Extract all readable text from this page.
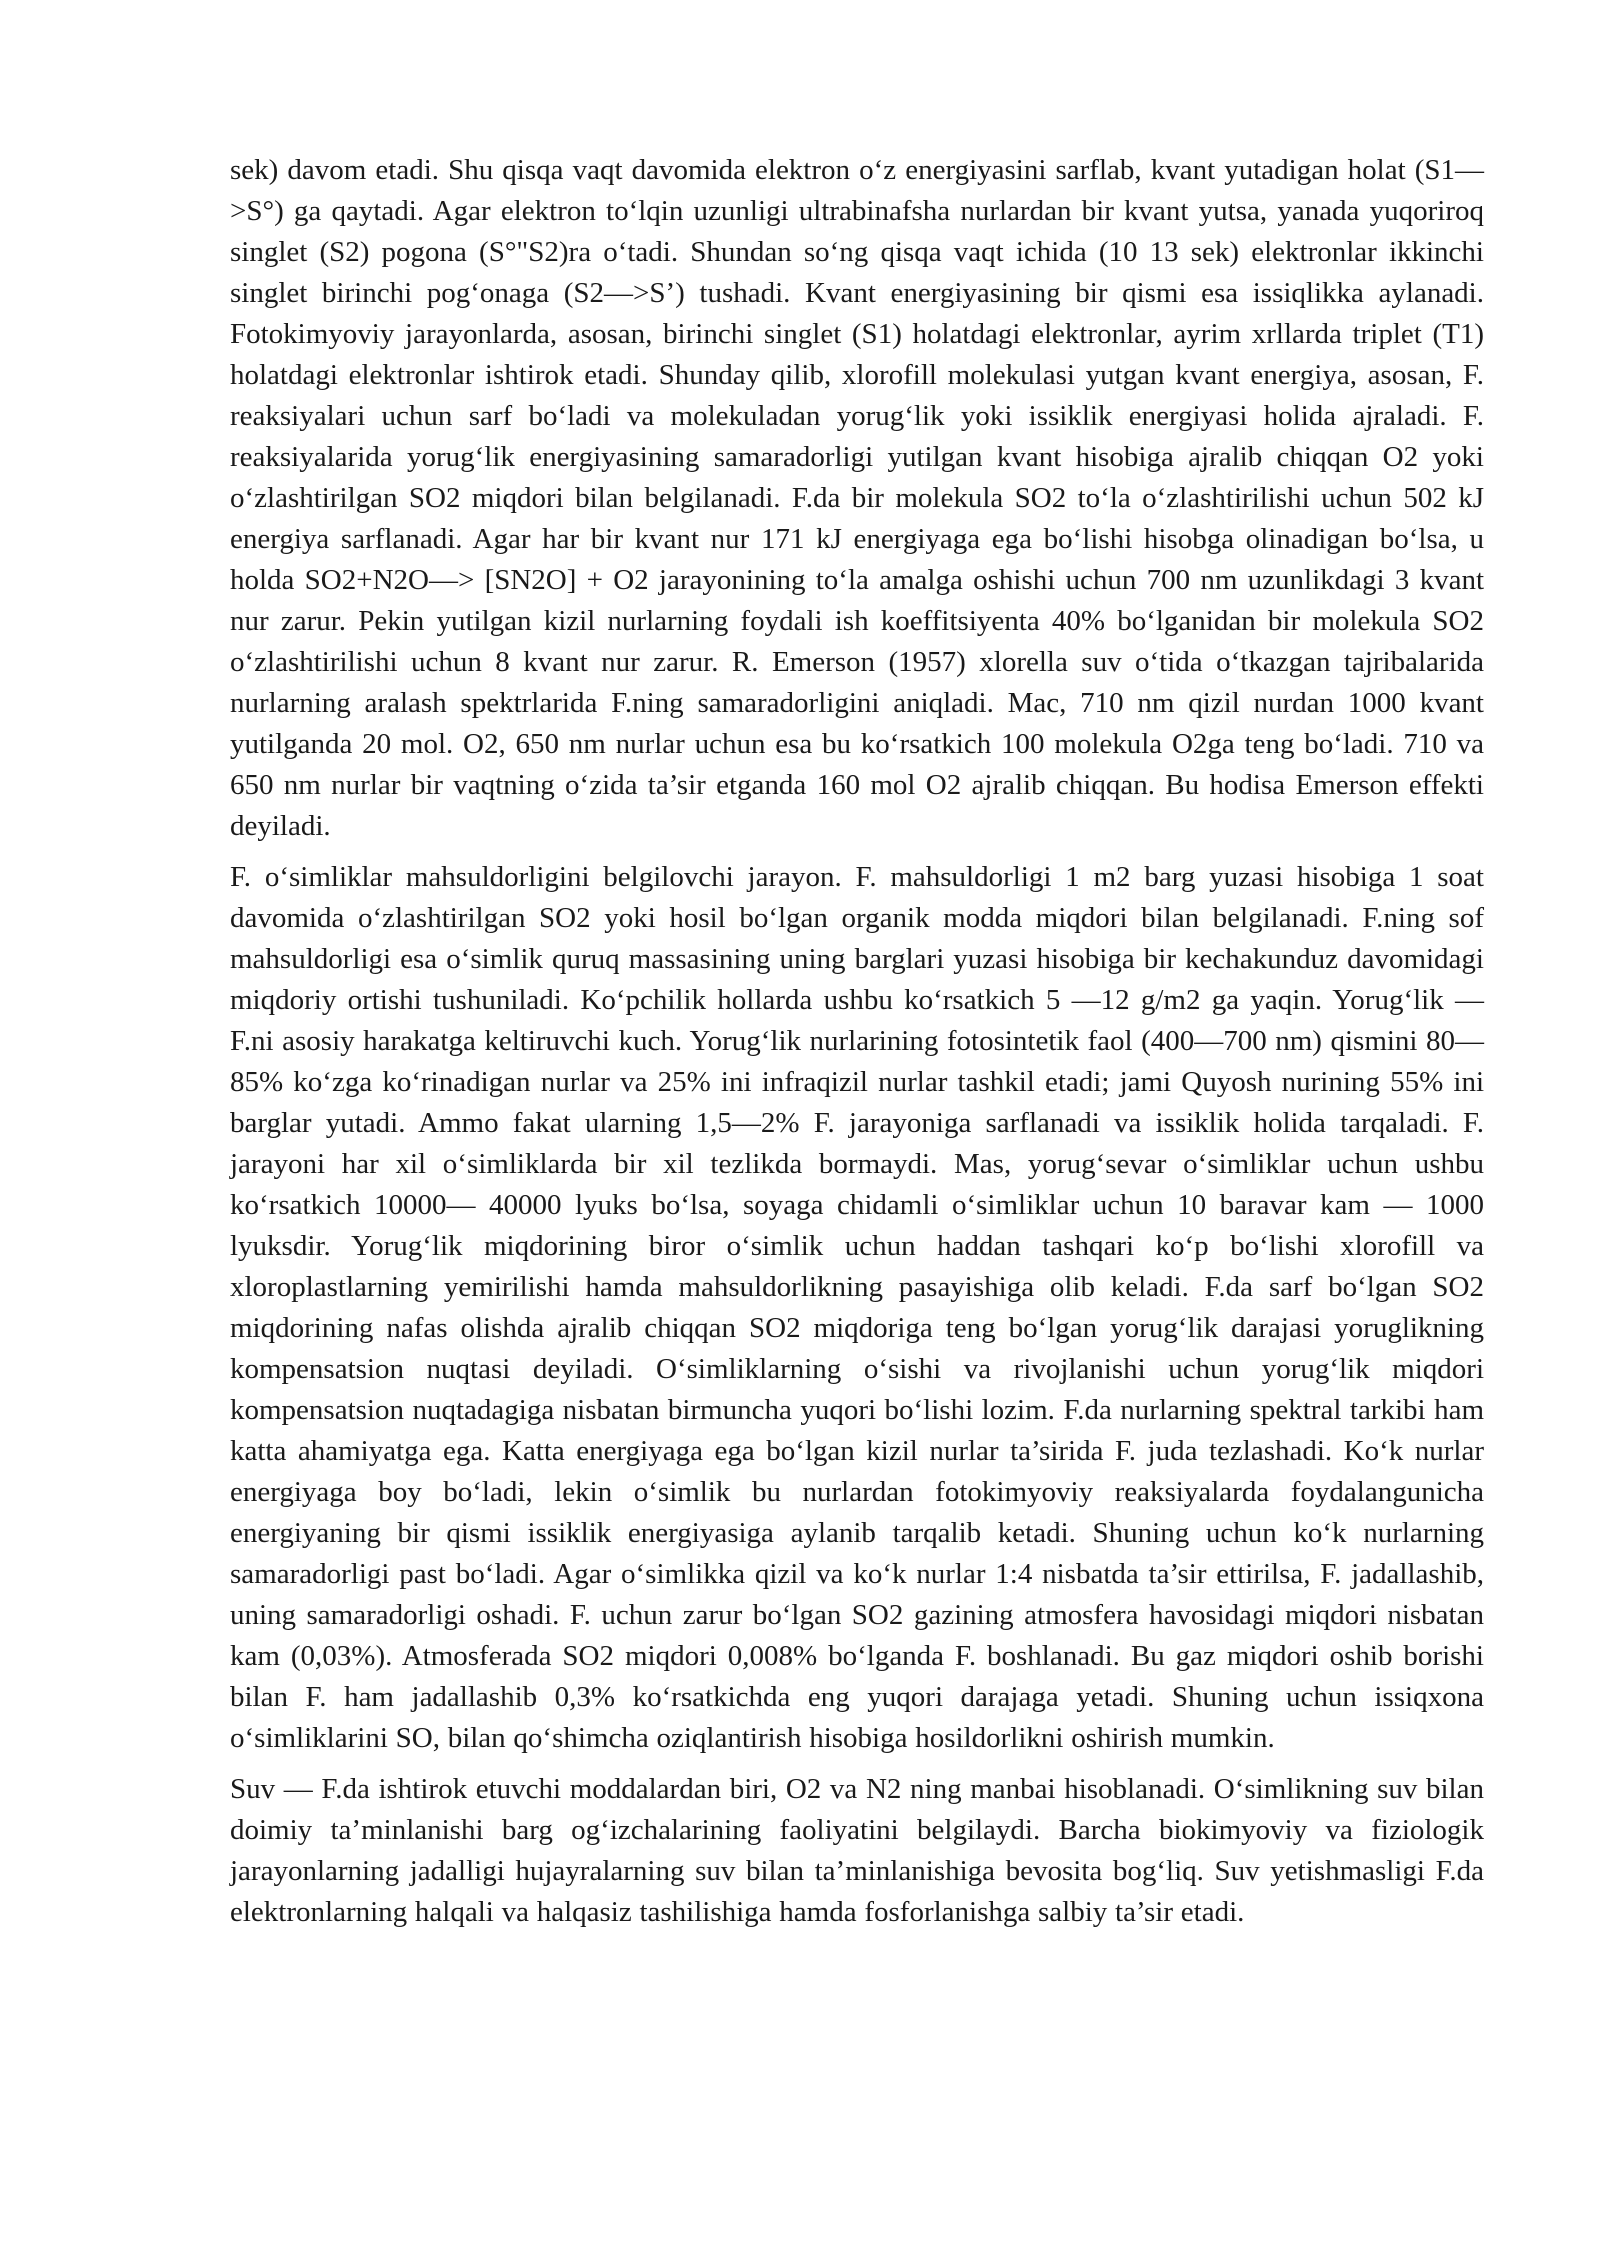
sek) davom etadi. Shu qisqa vaqt davomida elektron o‘z energiyasini sarflab, kvant yutadigan holat (S1—>S°) ga qaytadi. Agar elektron to‘lqin uzunligi ultrabinafsha nurlardan bir kvant yutsa, yanada yuqoriroq singlet (S2) pogona (S°"S2)ra o‘tadi. Shundan so‘ng qisqa vaqt ichida (10 13 sek) elektronlar ikkinchi singlet birinchi pog‘onaga (S2—>S’) tushadi. Kvant energiyasining bir qismi esa issiqlikka aylanadi. Fotokimyoviy jarayonlarda, asosan, birinchi singlet (S1) holatdagi elektronlar, ayrim xrllarda triplet (T1) holatdagi elektronlar ishtirok etadi. Shunday qilib, xlorofill molekulasi yutgan kvant energiya, asosan, F. reaksiyalari uchun sarf bo‘ladi va molekuladan yorug‘lik yoki issiklik energiyasi holida ajraladi. F. reaksiyalarida yorug‘lik energiyasining samaradorligi yutilgan kvant hisobiga ajralib chiqqan O2 yoki o‘zlashtirilgan SO2 miqdori bilan belgilanadi. F.da bir molekula SO2 to‘la o‘zlashtirilishi uchun 502 kJ energiya sarflanadi. Agar har bir kvant nur 171 kJ energiyaga ega bo‘lishi hisobga olinadigan bo‘lsa, u holda SO2+N2O—> [SN2O] + O2 jarayonining to‘la amalga oshishi uchun 700 nm uzunlikdagi 3 kvant nur zarur. Pekin yutilgan kizil nurlarning foydali ish koeffitsiyenta 40% bo‘lganidan bir molekula SO2 o‘zlashtirilishi uchun 8 kvant nur zarur. R. Emerson (1957) xlorella suv o‘tida o‘tkazgan tajribalarida nurlarning aralash spektrlarida F.ning samaradorligini aniqladi. Mac, 710 nm qizil nurdan 1000 kvant yutilganda 20 mol. O2, 650 nm nurlar uchun esa bu ko‘rsatkich 100 molekula O2ga teng bo‘ladi. 710 va 650 nm nurlar bir vaqtning o‘zida ta’sir etganda 160 mol O2 ajralib chiqqan. Bu hodisa Emerson effekti deyiladi.

F. o‘simliklar mahsuldorligini belgilovchi jarayon. F. mahsuldorligi 1 m2 barg yuzasi hisobiga 1 soat davomida o‘zlashtirilgan SO2 yoki hosil bo‘lgan organik modda miqdori bilan belgilanadi. F.ning sof mahsuldorligi esa o‘simlik quruq massasining uning barglari yuzasi hisobiga bir kechakunduz davomidagi miqdoriy ortishi tushuniladi. Ko‘pchilik hollarda ushbu ko‘rsatkich 5 —12 g/m2 ga yaqin. Yorug‘lik — F.ni asosiy harakatga keltiruvchi kuch. Yorug‘lik nurlarining fotosintetik faol (400—700 nm) qismini 80— 85% ko‘zga ko‘rinadigan nurlar va 25% ini infraqizil nurlar tashkil etadi; jami Quyosh nurining 55% ini barglar yutadi. Ammo fakat ularning 1,5—2% F. jarayoniga sarflanadi va issiklik holida tarqaladi. F. jarayoni har xil o‘simliklarda bir xil tezlikda bormaydi. Mas, yorug‘sevar o‘simliklar uchun ushbu ko‘rsatkich 10000— 40000 lyuks bo‘lsa, soyaga chidamli o‘simliklar uchun 10 baravar kam — 1000 lyuksdir. Yorug‘lik miqdorining biror o‘simlik uchun haddan tashqari ko‘p bo‘lishi xlorofill va xloroplastlarning yemirilishi hamda mahsuldorlikning pasayishiga olib keladi. F.da sarf bo‘lgan SO2 miqdorining nafas olishda ajralib chiqqan SO2 miqdoriga teng bo‘lgan yorug‘lik darajasi yoruglikning kompensatsion nuqtasi deyiladi. O‘simliklarning o‘sishi va rivojlanishi uchun yorug‘lik miqdori kompensatsion nuqtadagiga nisbatan birmuncha yuqori bo‘lishi lozim. F.da nurlarning spektral tarkibi ham katta ahamiyatga ega. Katta energiyaga ega bo‘lgan kizil nurlar ta’sirida F. juda tezlashadi. Ko‘k nurlar energiyaga boy bo‘ladi, lekin o‘simlik bu nurlardan fotokimyoviy reaksiyalarda foydalangunicha energiyaning bir qismi issiklik energiyasiga aylanib tarqalib ketadi. Shuning uchun ko‘k nurlarning samaradorligi past bo‘ladi. Agar o‘simlikka qizil va ko‘k nurlar 1:4 nisbatda ta’sir ettirilsa, F. jadallashib, uning samaradorligi oshadi. F. uchun zarur bo‘lgan SO2 gazining atmosfera havosidagi miqdori nisbatan kam (0,03%). Atmosferada SO2 miqdori 0,008% bo‘lganda F. boshlanadi. Bu gaz miqdori oshib borishi bilan F. ham jadallashib 0,3% ko‘rsatkichda eng yuqori darajaga yetadi. Shuning uchun issiqxona o‘simliklarini SO, bilan qo‘shimcha oziqlantirish hisobiga hosildorlikni oshirish mumkin.

Suv — F.da ishtirok etuvchi moddalardan biri, O2 va N2 ning manbai hisoblanadi. O‘simlikning suv bilan doimiy ta’minlanishi barg og‘izchalarining faoliyatini belgilaydi. Barcha biokimyoviy va fiziologik jarayonlarning jadalligi hujayralarning suv bilan ta’minlanishiga bevosita bog‘liq. Suv yetishmasligi F.da elektronlarning halqali va halqasiz tashilishiga hamda fosforlanishga salbiy ta’sir etadi.
